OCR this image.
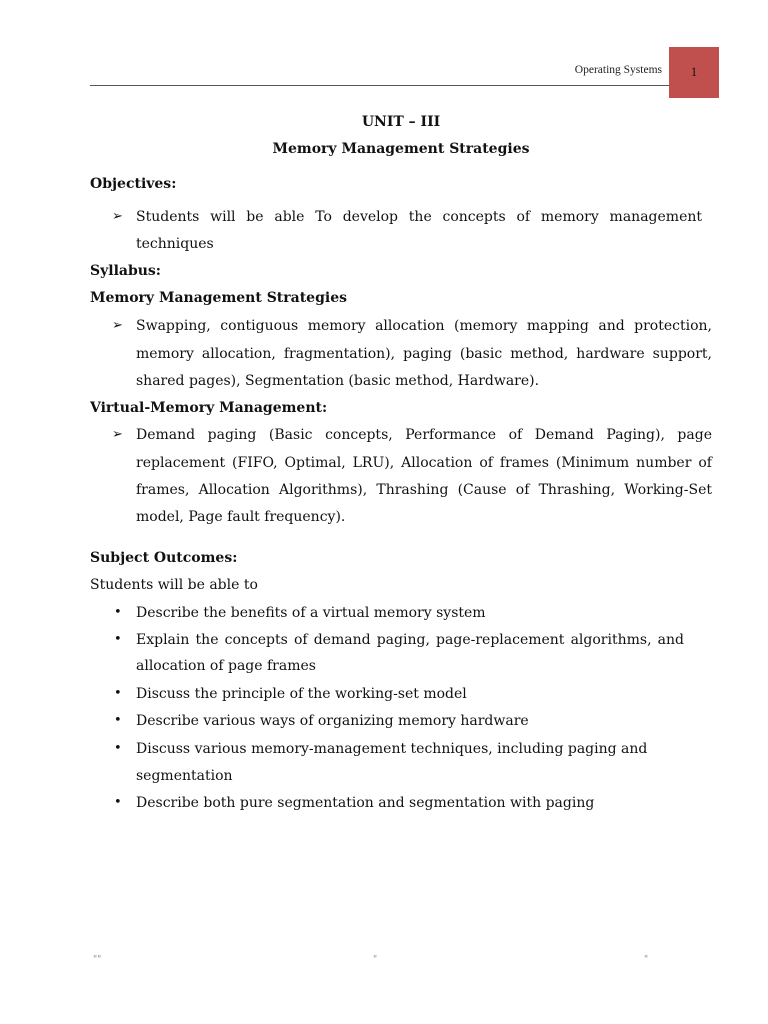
Operating Systems 1
UNIT – III
Memory Management Strategies
Objectives:
➢ Students will be able To develop the concepts of memory management
techniques
Syllabus:
Memory Management Strategies
➢ Swapping, contiguous memory allocation (memory mapping and protection,
memory allocation, fragmentation), paging (basic method, hardware support,
shared pages), Segmentation (basic method, Hardware).
Virtual-Memory Management:
➢ Demand paging (Basic concepts, Performance of Demand Paging), page
replacement (FIFO, Optimal, LRU), Allocation of frames (Minimum number of
frames, Allocation Algorithms), Thrashing (Cause of Thrashing, Working-Set
model, Page fault frequency).
Subject Outcomes:
Students will be able to
• Describe the benefits of a virtual memory system
• Explain the concepts of demand paging, page-replacement algorithms, and
allocation of page frames
• Discuss the principle of the working-set model
• Describe various ways of organizing memory hardware
• Discuss various memory-management techniques, including paging and
segmentation
• Describe both pure segmentation and segmentation with paging
""	"	"
